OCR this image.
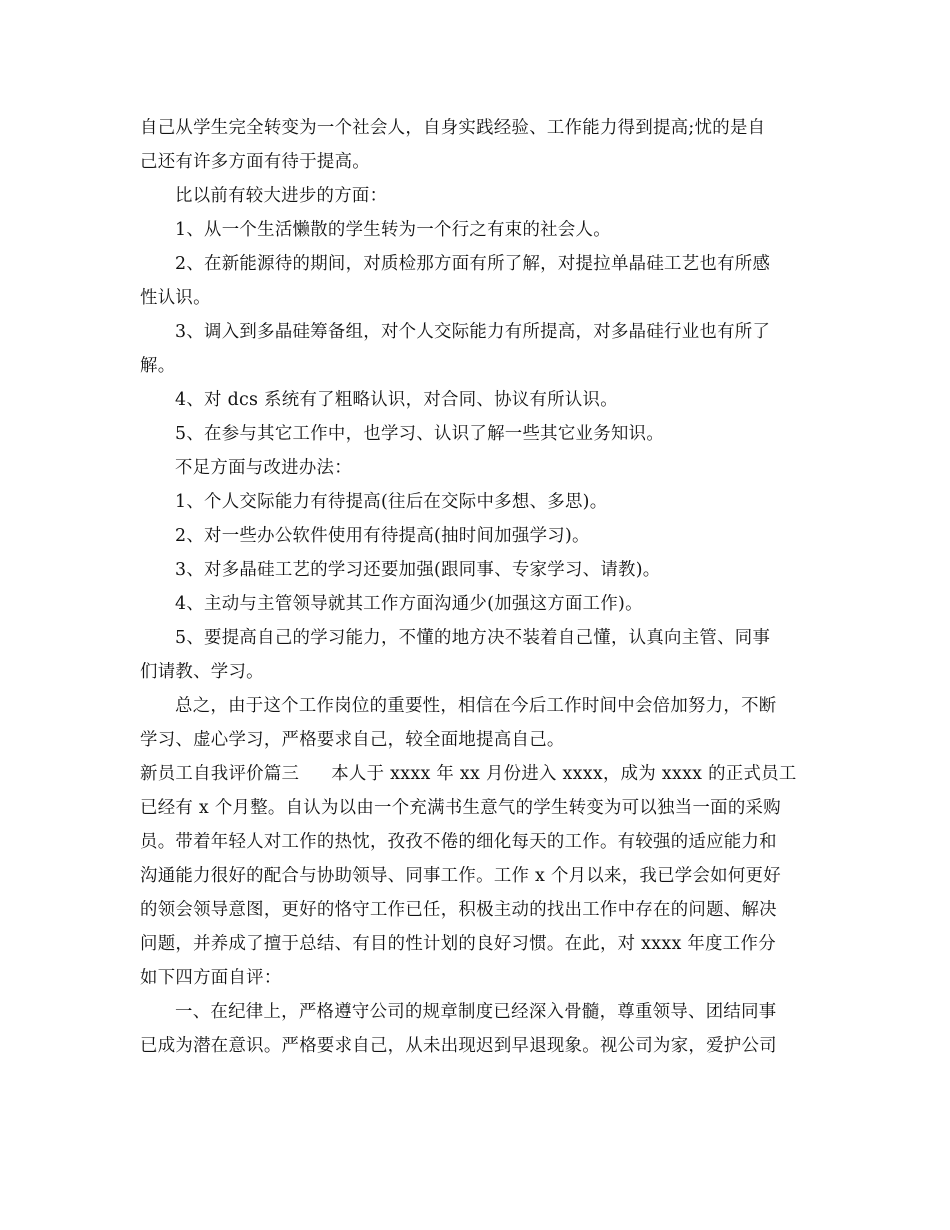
自己从学生完全转变为一个社会人，自身实践经验、工作能力得到提高;忧的是自
己还有许多方面有待于提高。
比以前有较大进步的方面：
1、从一个生活懒散的学生转为一个行之有束的社会人。
2、在新能源待的期间，对质检那方面有所了解，对提拉单晶硅工艺也有所感
性认识。
3、调入到多晶硅筹备组，对个人交际能力有所提高，对多晶硅行业也有所了
解。
4、对 dcs 系统有了粗略认识，对合同、协议有所认识。
5、在参与其它工作中，也学习、认识了解一些其它业务知识。
不足方面与改进办法：
1、个人交际能力有待提高(往后在交际中多想、多思)。
2、对一些办公软件使用有待提高(抽时间加强学习)。
3、对多晶硅工艺的学习还要加强(跟同事、专家学习、请教)。
4、主动与主管领导就其工作方面沟通少(加强这方面工作)。
5、要提高自己的学习能力，不懂的地方决不装着自己懂，认真向主管、同事
们请教、学习。
总之，由于这个工作岗位的重要性，相信在今后工作时间中会倍加努力，不断
学习、虚心学习，严格要求自己，较全面地提高自己。
新员工自我评价篇三 本人于 xxxx 年 xx 月份进入 xxxx，成为 xxxx 的正式员工
已经有 x 个月整。自认为以由一个充满书生意气的学生转变为可以独当一面的采购
员。带着年轻人对工作的热忱，孜孜不倦的细化每天的工作。有较强的适应能力和
沟通能力很好的配合与协助领导、同事工作。工作 x 个月以来，我已学会如何更好
的领会领导意图，更好的恪守工作已任，积极主动的找出工作中存在的问题、解决
问题，并养成了擅于总结、有目的性计划的良好习惯。在此，对 xxxx 年度工作分
如下四方面自评：
一、在纪律上，严格遵守公司的规章制度已经深入骨髓，尊重领导、团结同事
已成为潜在意识。严格要求自己，从未出现迟到早退现象。视公司为家，爱护公司
